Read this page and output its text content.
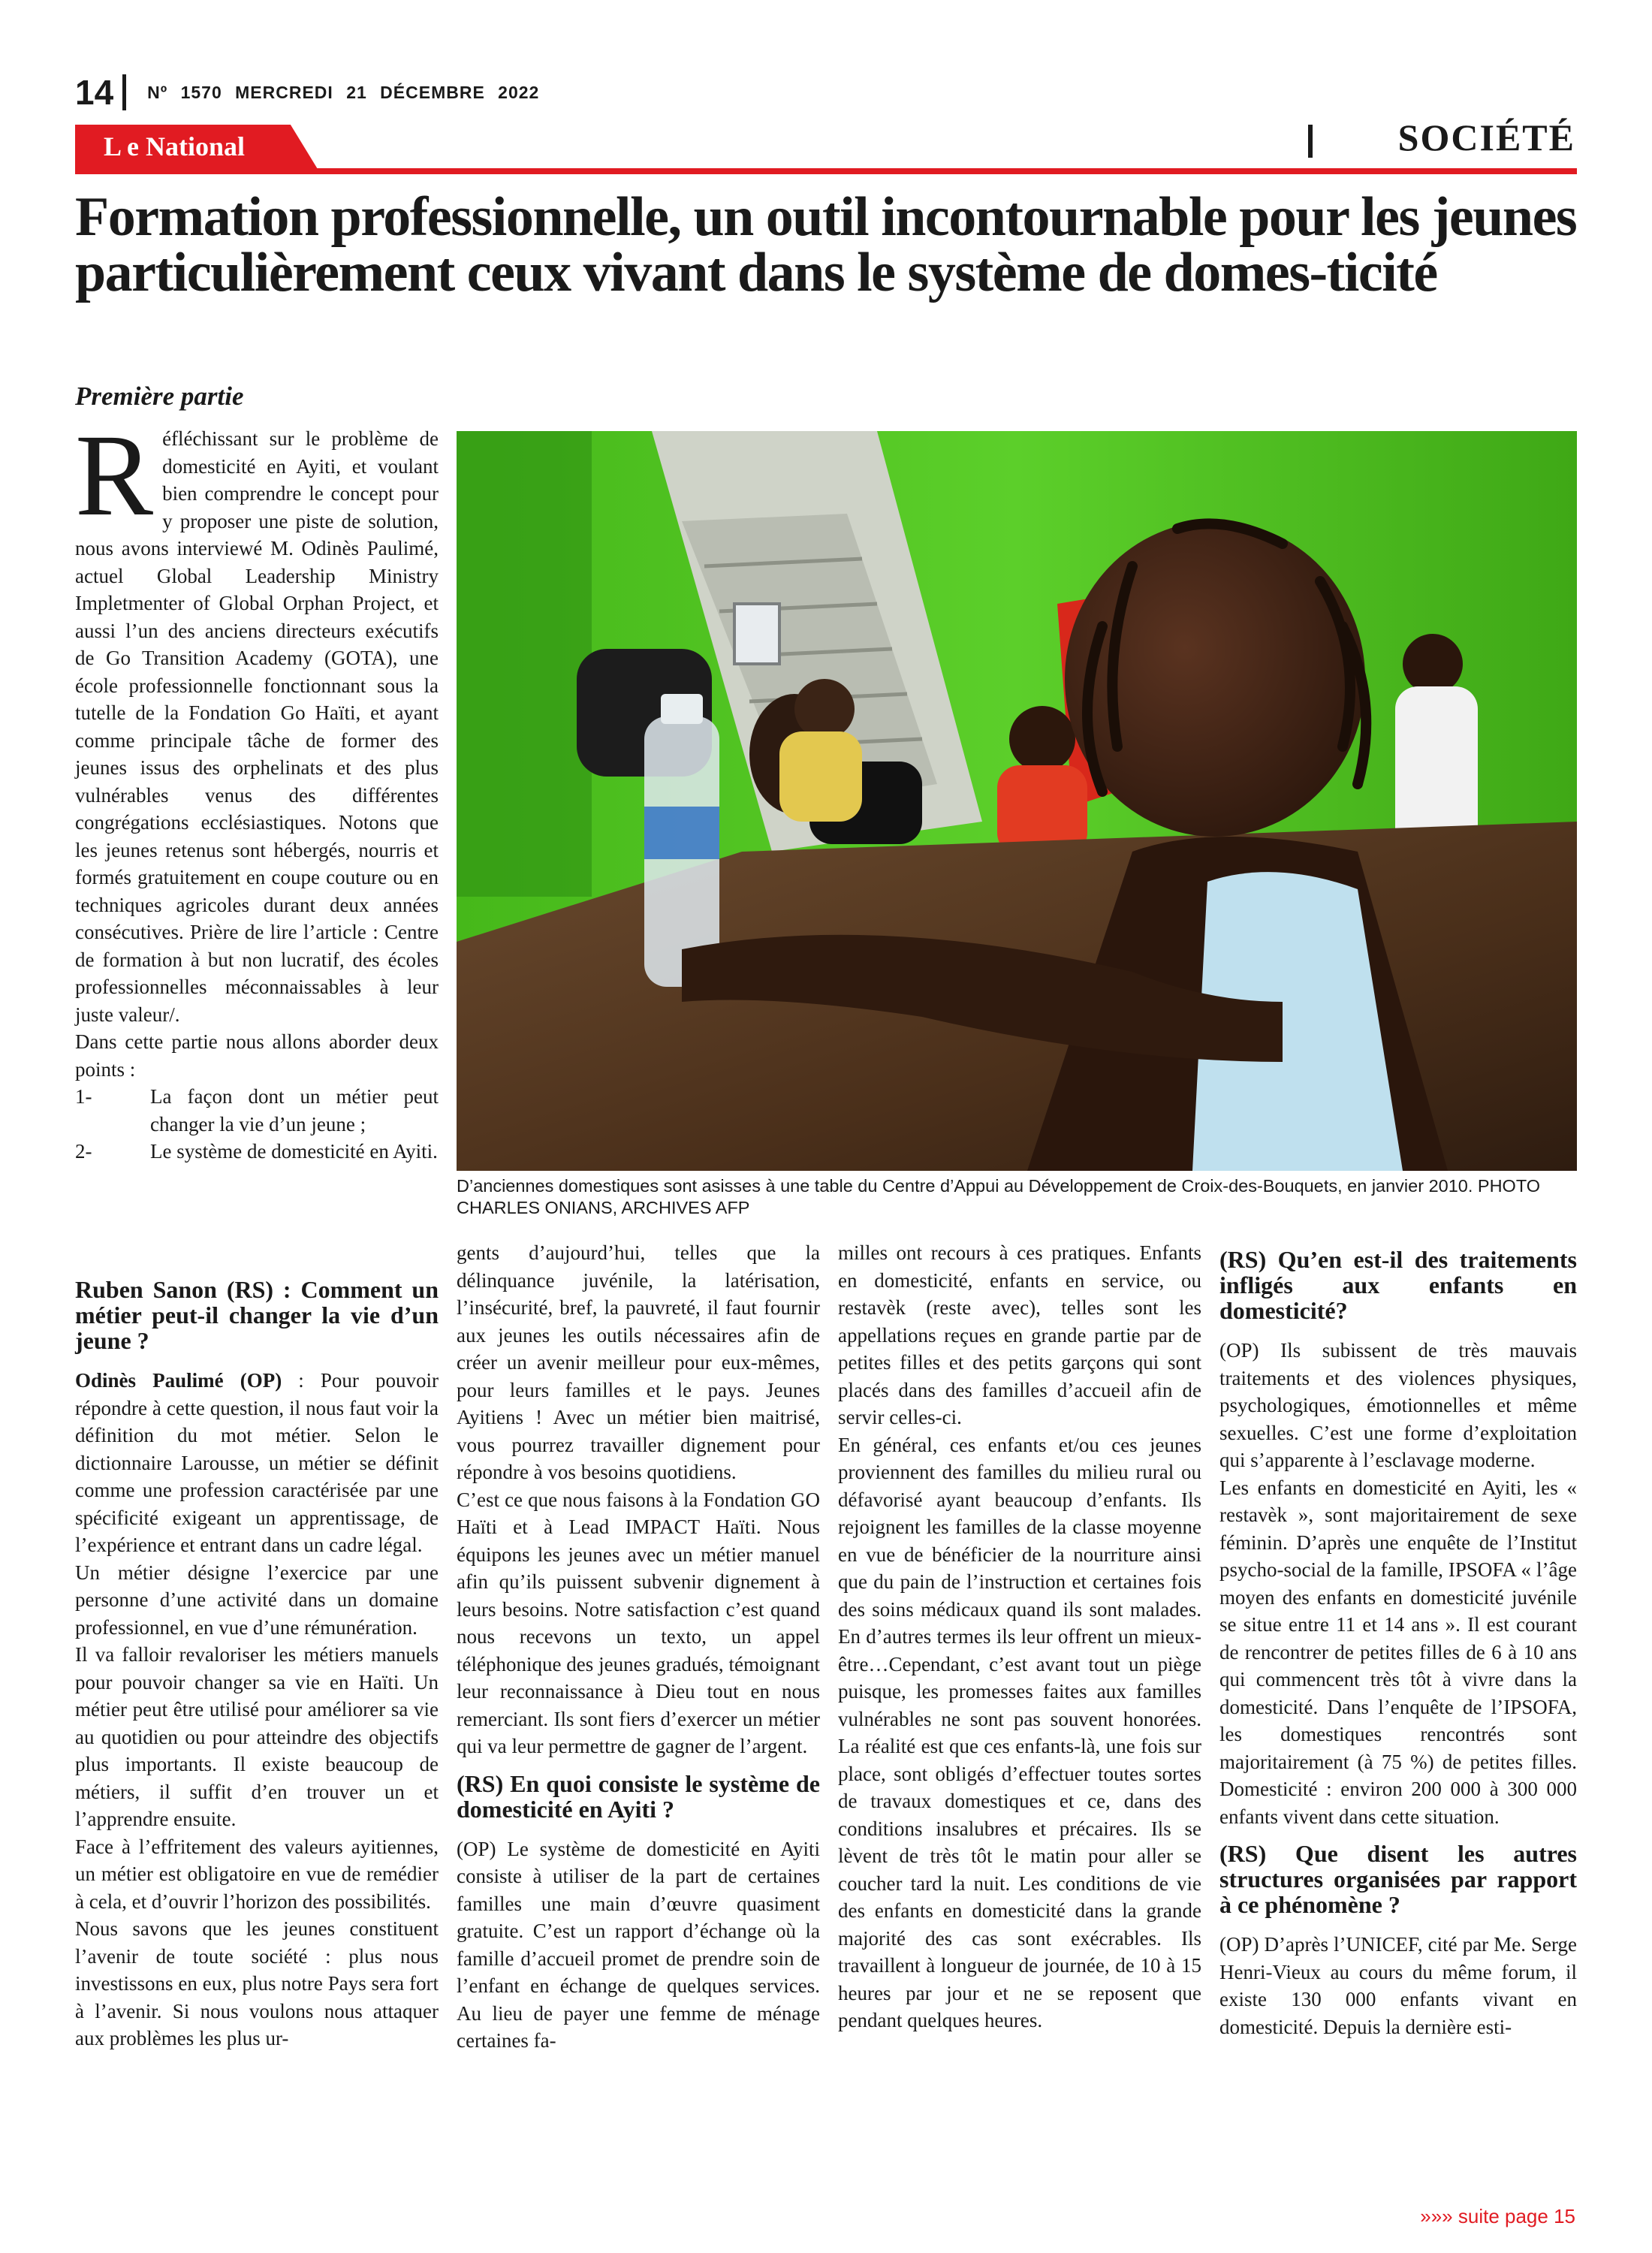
14 Nº 1570 MERCREDI 21 DÉCEMBRE 2022
L e National	SOCIÉTÉ
Formation professionnelle, un outil incontournable pour les jeunes particulièrement ceux vivant dans le système de domes-ticité
Première partie

Réfléchissant sur le problème de domesticité en Ayiti, et voulant bien comprendre le concept pour y proposer une piste de solution, nous avons interviewé M. Odinès Paulimé, actuel Global Leadership Ministry Impletmenter of Global Orphan Project, et aussi l’un des anciens directeurs exécutifs de Go Transition Academy (GOTA), une école professionnelle fonctionnant sous la tutelle de la Fondation Go Haïti, et ayant comme principale tâche de former des jeunes issus des orphelinats et des plus vulnérables venus des différentes congrégations ecclésiastiques. Notons que les jeunes retenus sont hébergés, nourris et formés gratuitement en coupe couture ou en techniques agricoles durant deux années consécutives. Prière de lire l’article : Centre de formation à but non lucratif, des écoles professionnelles méconnaissables à leur juste valeur/.

Dans cette partie nous allons aborder deux points :

1-	La façon dont un métier peut changer la vie d’un jeune ;
2-	Le système de domesticité en Ayiti.
D’anciennes domestiques sont asisses à une table du Centre d’Appui au Développement de Croix-des-Bouquets, en janvier 2010. PHOTO CHARLES ONIANS, ARCHIVES AFP
Ruben Sanon (RS) : Comment un métier peut-il changer la vie d’un jeune ?

Odinès Paulimé (OP) : Pour pouvoir répondre à cette question, il nous faut voir la définition du mot métier. Selon le dictionnaire Larousse, un métier se définit comme une profession caractérisée par une spécificité exigeant un apprentissage, de l’expérience et entrant dans un cadre légal.

Un métier désigne l’exercice par une personne d’une activité dans un domaine professionnel, en vue d’une rémunération.

Il va falloir revaloriser les métiers manuels pour pouvoir changer sa vie en Haïti. Un métier peut être utilisé pour améliorer sa vie au quotidien ou pour atteindre des objectifs plus importants. Il existe beaucoup de métiers, il suffit d’en trouver un et l’apprendre ensuite.

Face à l’effritement des valeurs ayitiennes, un métier est obligatoire en vue de remédier à cela, et d’ouvrir l’horizon des possibilités.

Nous savons que les jeunes constituent l’avenir de toute société : plus nous investissons en eux, plus notre Pays sera fort à l’avenir. Si nous voulons nous attaquer aux problèmes les plus ur-

gents d’aujourd’hui, telles que la délinquance juvénile, la latérisation, l’insécurité, bref, la pauvreté, il faut fournir aux jeunes les outils nécessaires afin de créer un avenir meilleur pour eux-mêmes, pour leurs familles et le pays. Jeunes Ayitiens ! Avec un métier bien maitrisé, vous pourrez travailler dignement pour répondre à vos besoins quotidiens.

C’est ce que nous faisons à la Fondation GO Haïti et à Lead IMPACT Haïti. Nous équipons les jeunes avec un métier manuel afin qu’ils puissent subvenir dignement à leurs besoins. Notre satisfaction c’est quand nous recevons un texto, un appel téléphonique des jeunes gradués, témoignant leur reconnaissance à Dieu tout en nous remerciant. Ils sont fiers d’exercer un métier qui va leur permettre de gagner de l’argent.

(RS) En quoi consiste le système de domesticité en Ayiti ?

(OP) Le système de domesticité en Ayiti consiste à utiliser de la part de certaines familles une main d’œuvre quasiment gratuite. C’est un rapport d’échange où la famille d’accueil promet de prendre soin de l’enfant en échange de quelques services. Au lieu de payer une femme de ménage certaines fa-

milles ont recours à ces pratiques. Enfants en domesticité, enfants en service, ou restavèk (reste avec), telles sont les appellations reçues en grande partie par de petites filles et des petits garçons qui sont placés dans des familles d’accueil afin de servir celles-ci.

En général, ces enfants et/ou ces jeunes proviennent des familles du milieu rural ou défavorisé ayant beaucoup d’enfants. Ils rejoignent les familles de la classe moyenne en vue de bénéficier de la nourriture ainsi que du pain de l’instruction et certaines fois des soins médicaux quand ils sont malades. En d’autres termes ils leur offrent un mieux-être…Cependant, c’est avant tout un piège puisque, les promesses faites aux familles vulnérables ne sont pas souvent honorées. La réalité est que ces enfants-là, une fois sur place, sont obligés d’effectuer toutes sortes de travaux domestiques et ce, dans des conditions insalubres et précaires. Ils se lèvent de très tôt le matin pour aller se coucher tard la nuit. Les conditions de vie des enfants en domesticité dans la grande majorité des cas sont exécrables. Ils travaillent à longueur de journée, de 10 à 15 heures par jour et ne se reposent que pendant quelques heures.

(RS) Qu’en est-il des traitements infligés aux enfants en domesticité?

(OP) Ils subissent de très mauvais traitements et des violences physiques, psychologiques, émotionnelles et même sexuelles. C’est une forme d’exploitation qui s’apparente à l’esclavage moderne.

Les enfants en domesticité en Ayiti, les « restavèk », sont majoritairement de sexe féminin. D’après une enquête de l’Institut psycho-social de la famille, IPSOFA « l’âge moyen des enfants en domesticité juvénile se situe entre 11 et 14 ans ». Il est courant de rencontrer de petites filles de 6 à 10 ans qui commencent très tôt à vivre dans la domesticité. Dans l’enquête de l’IPSOFA, les domestiques rencontrés sont majoritairement (à 75 %) de petites filles. Domesticité : environ 200 000 à 300 000 enfants vivent dans cette situation.

(RS) Que disent les autres structures organisées par rapport à ce phénomène ?

(OP) D’après l’UNICEF, cité par Me. Serge Henri-Vieux au cours du même forum, il existe 130 000 enfants vivant en domesticité. Depuis la dernière esti-

»»» suite page 15
